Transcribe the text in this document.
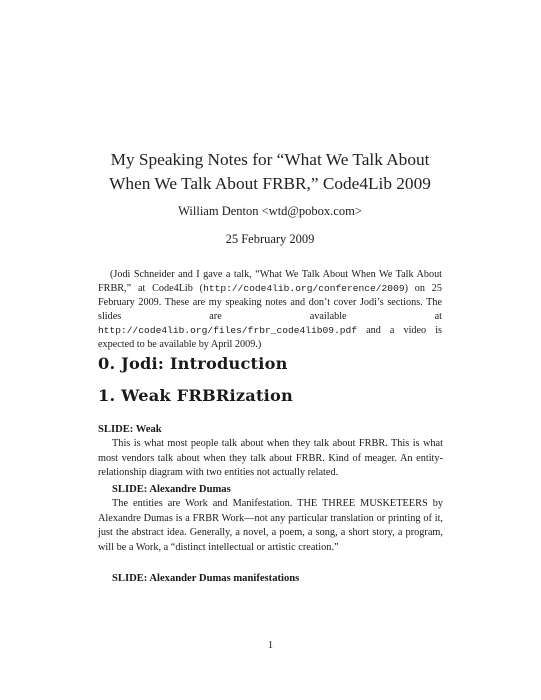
My Speaking Notes for “What We Talk About
When We Talk About FRBR,” Code4Lib 2009
William Denton <wtd@pobox.com>
25 February 2009
(Jodi Schneider and I gave a talk, “What We Talk About When We Talk About FRBR,” at Code4Lib (http://code4lib.org/conference/2009) on 25 February 2009. These are my speaking notes and don’t cover Jodi’s sections. The slides are available at http://code4lib.org/files/frbr_code4lib09.pdf and a video is expected to be available by April 2009.)
0. Jodi: Introduction
1. Weak FRBRization
SLIDE: Weak
This is what most people talk about when they talk about FRBR. This is what most vendors talk about when they talk about FRBR. Kind of meager. An entity-relationship diagram with two entities not actually related.
SLIDE: Alexandre Dumas
The entities are Work and Manifestation. THE THREE MUSKETEERS by Alexandre Dumas is a FRBR Work—not any particular translation or printing of it, just the abstract idea. Generally, a novel, a poem, a song, a short story, a program, will be a Work, a “distinct intellectual or artistic creation.”
SLIDE: Alexander Dumas manifestations
1
